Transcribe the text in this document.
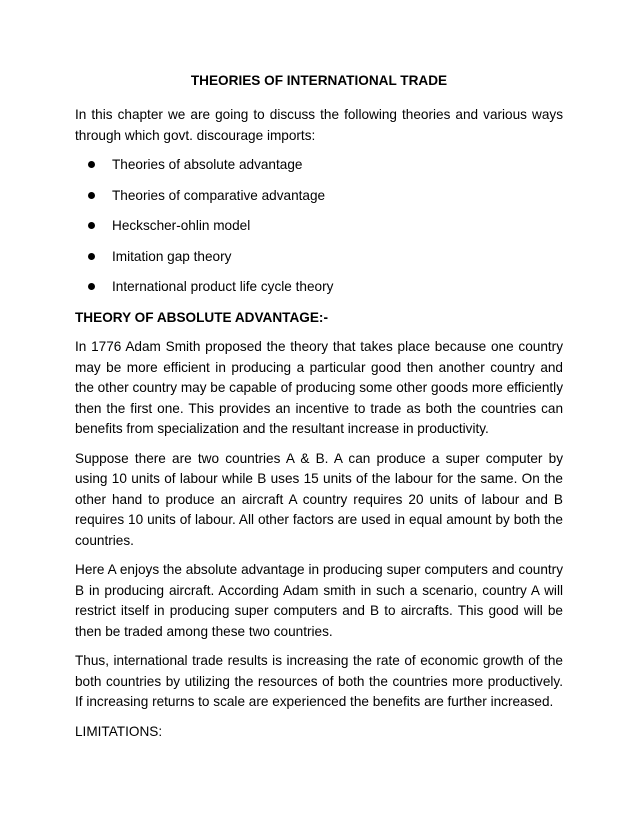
THEORIES OF INTERNATIONAL TRADE

In this chapter we are going to discuss the following theories and various ways through which govt. discourage imports:

Theories of absolute advantage
Theories of comparative advantage
Heckscher-ohlin model
Imitation gap theory
International product life cycle theory

THEORY OF ABSOLUTE ADVANTAGE:-

In 1776 Adam Smith proposed the theory that takes place because one country may be more efficient in producing a particular good then another country and the other country may be capable of producing some other goods more efficiently then the first one. This provides an incentive to trade as both the countries can benefits from specialization and the resultant increase in productivity.

Suppose there are two countries A & B. A can produce a super computer by using 10 units of labour while B uses 15 units of the labour for the same. On the other hand to produce an aircraft A country requires 20 units of labour and B requires 10 units of labour. All other factors are used in equal amount by both the countries.

Here A enjoys the absolute advantage in producing super computers and country B in producing aircraft. According Adam smith in such a scenario, country A will restrict itself in producing super computers and B to aircrafts. This good will be then be traded among these two countries.

Thus, international trade results is increasing the rate of economic growth of the both countries by utilizing the resources of both the countries more productively. If increasing returns to scale are experienced the benefits are further increased.

LIMITATIONS:
